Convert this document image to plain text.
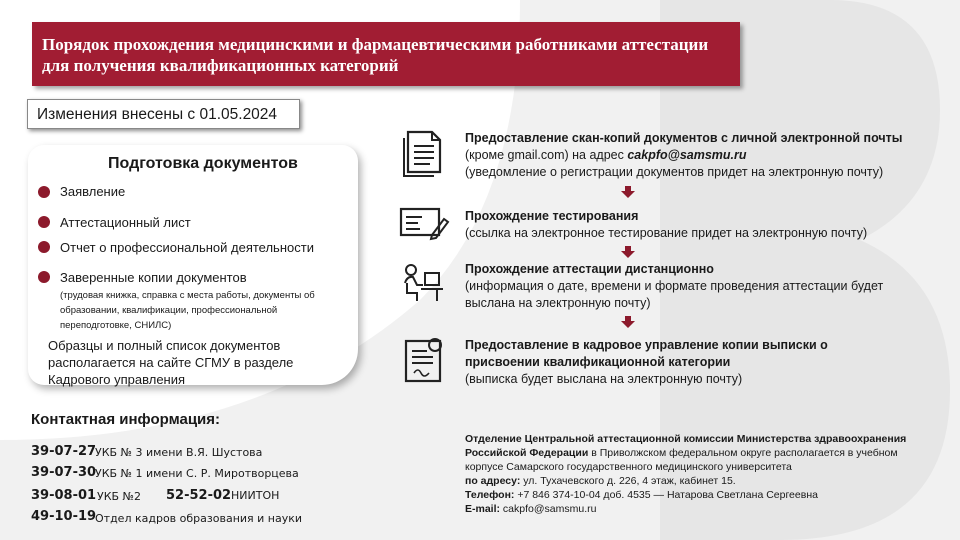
Порядок прохождения медицинскими и фармацевтическими работниками аттестации для получения квалификационных категорий
Изменения внесены с 01.05.2024
Подготовка документов
Заявление
Аттестационный лист
Отчет о профессиональной деятельности
Заверенные копии документов
(трудовая книжка, справка с места работы, документы об образовании, квалификации, профессиональной переподготовке, СНИЛС)
Образцы и полный список документов располагается на сайте СГМУ в разделе Кадрового управления
Предоставление скан-копий документов с личной электронной почты
(кроме gmail.com) на адрес cakpfo@samsmu.ru
(уведомление о регистрации документов придет на электронную почту)
Прохождение тестирования
(ссылка на электронное тестирование придет на электронную почту)
Прохождение аттестации дистанционно
(информация о дате, времени и формате проведения аттестации будет высланa на электронную почту)
Предоставление в кадровое управление копии выписки о присвоении квалификационной категории
(выписка будет выслана на электронную почту)
Контактная информация:
39-07-27
УКБ № 3 имени В.Я. Шустова
39-07-30
УКБ № 1 имени С. Р. Миротворцева
39-08-01 УКБ №2 52-52-02 НИИТОН
49-10-19
Отдел кадров образования и науки
Отделение Центральной аттестационной комиссии Министерства здравоохранения Российской Федерации в Приволжском федеральном округе располагается в учебном корпусе Самарского государственного медицинского университета
по адресу: ул. Тухачевского д. 226, 4 этаж, кабинет 15.
Телефон: +7 846 374-10-04 доб. 4535 — Натарова Светлана Сергеевна
E-mail: cakpfo@samsmu.ru
